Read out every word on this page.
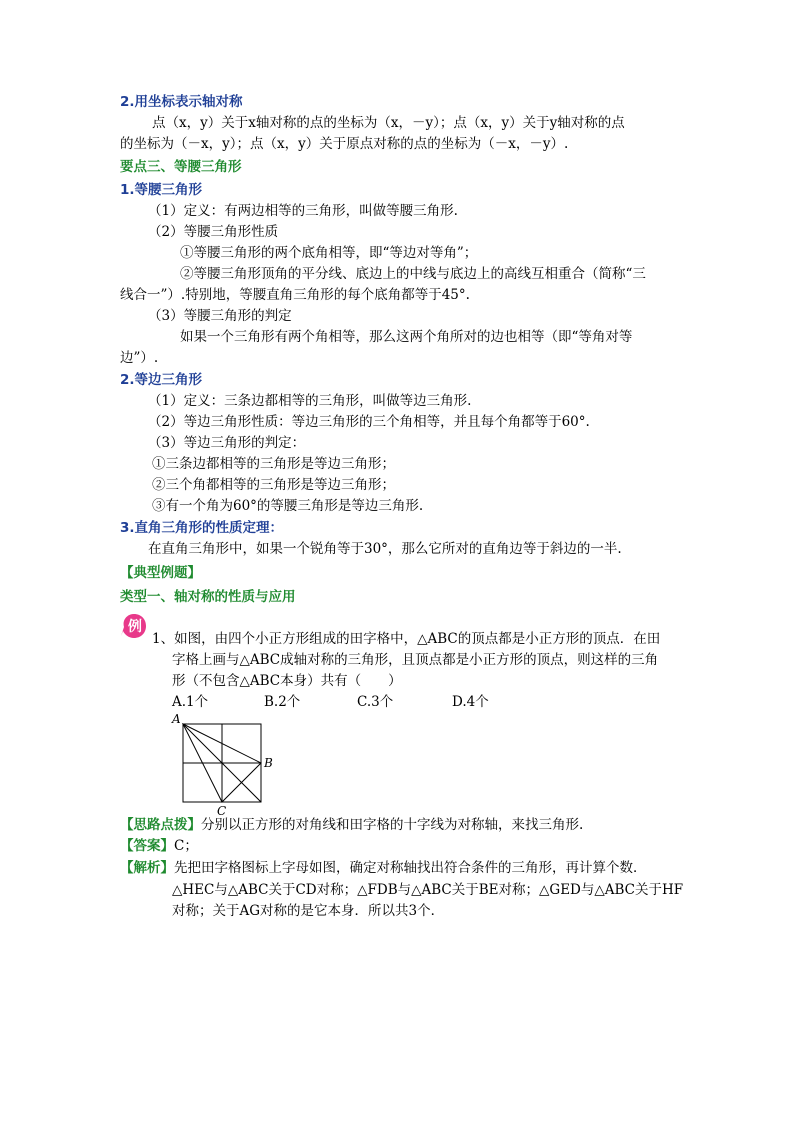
2.用坐标表示轴对称
点（x，y）关于x轴对称的点的坐标为（x，－y）；点（x，y）关于y轴对称的点
的坐标为（－x，y）；点（x，y）关于原点对称的点的坐标为（－x，－y）.
要点三、等腰三角形
1.等腰三角形
（1）定义：有两边相等的三角形，叫做等腰三角形.
（2）等腰三角形性质
①等腰三角形的两个底角相等，即“等边对等角”；
②等腰三角形顶角的平分线、底边上的中线与底边上的高线互相重合（简称“三
线合一”）.特别地，等腰直角三角形的每个底角都等于45°.
（3）等腰三角形的判定
如果一个三角形有两个角相等，那么这两个角所对的边也相等（即“等角对等
边”）.
2.等边三角形
（1）定义：三条边都相等的三角形，叫做等边三角形.
（2）等边三角形性质：等边三角形的三个角相等，并且每个角都等于60°.
（3）等边三角形的判定：
①三条边都相等的三角形是等边三角形；
②三个角都相等的三角形是等边三角形；
③有一个角为60°的等腰三角形是等边三角形.
3.直角三角形的性质定理：
在直角三角形中，如果一个锐角等于30°，那么它所对的直角边等于斜边的一半.
【典型例题】
类型一、轴对称的性质与应用
例
1、如图，由四个小正方形组成的田字格中，△ABC的顶点都是小正方形的顶点．在田
字格上画与△ABC成轴对称的三角形，且顶点都是小正方形的顶点，则这样的三角
形（不包含△ABC本身）共有（　　）
A.1个	B.2个	C.3个	D.4个
A
B
C
【思路点拨】分别以正方形的对角线和田字格的十字线为对称轴，来找三角形.
【答案】C；
【解析】先把田字格图标上字母如图，确定对称轴找出符合条件的三角形，再计算个数．
△HEC与△ABC关于CD对称；△FDB与△ABC关于BE对称；△GED与△ABC关于HF
对称；关于AG对称的是它本身．所以共3个．
